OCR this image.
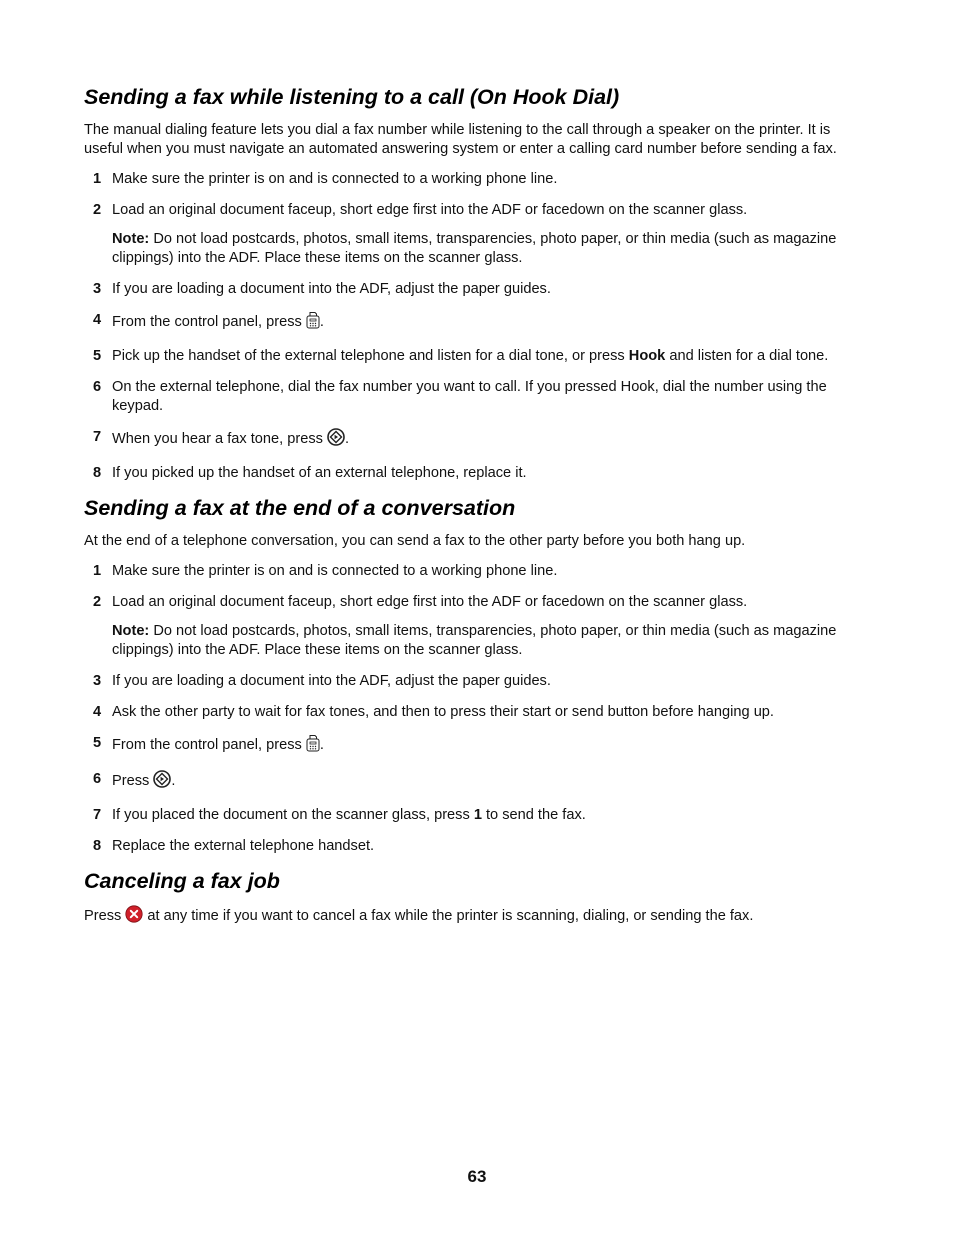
Sending a fax while listening to a call (On Hook Dial)

The manual dialing feature lets you dial a fax number while listening to the call through a speaker on the printer. It is useful when you must navigate an automated answering system or enter a calling card number before sending a fax.

1 Make sure the printer is on and is connected to a working phone line.
2 Load an original document faceup, short edge first into the ADF or facedown on the scanner glass.
Note: Do not load postcards, photos, small items, transparencies, photo paper, or thin media (such as magazine clippings) into the ADF. Place these items on the scanner glass.
3 If you are loading a document into the ADF, adjust the paper guides.
4 From the control panel, press .
5 Pick up the handset of the external telephone and listen for a dial tone, or press Hook and listen for a dial tone.
6 On the external telephone, dial the fax number you want to call. If you pressed Hook, dial the number using the keypad.
7 When you hear a fax tone, press .
8 If you picked up the handset of an external telephone, replace it.
Sending a fax at the end of a conversation

At the end of a telephone conversation, you can send a fax to the other party before you both hang up.

1 Make sure the printer is on and is connected to a working phone line.
2 Load an original document faceup, short edge first into the ADF or facedown on the scanner glass.
Note: Do not load postcards, photos, small items, transparencies, photo paper, or thin media (such as magazine clippings) into the ADF. Place these items on the scanner glass.
3 If you are loading a document into the ADF, adjust the paper guides.
4 Ask the other party to wait for fax tones, and then to press their start or send button before hanging up.
5 From the control panel, press .
6 Press .
7 If you placed the document on the scanner glass, press 1 to send the fax.
8 Replace the external telephone handset.
Canceling a fax job

Press  at any time if you want to cancel a fax while the printer is scanning, dialing, or sending the fax.

63
